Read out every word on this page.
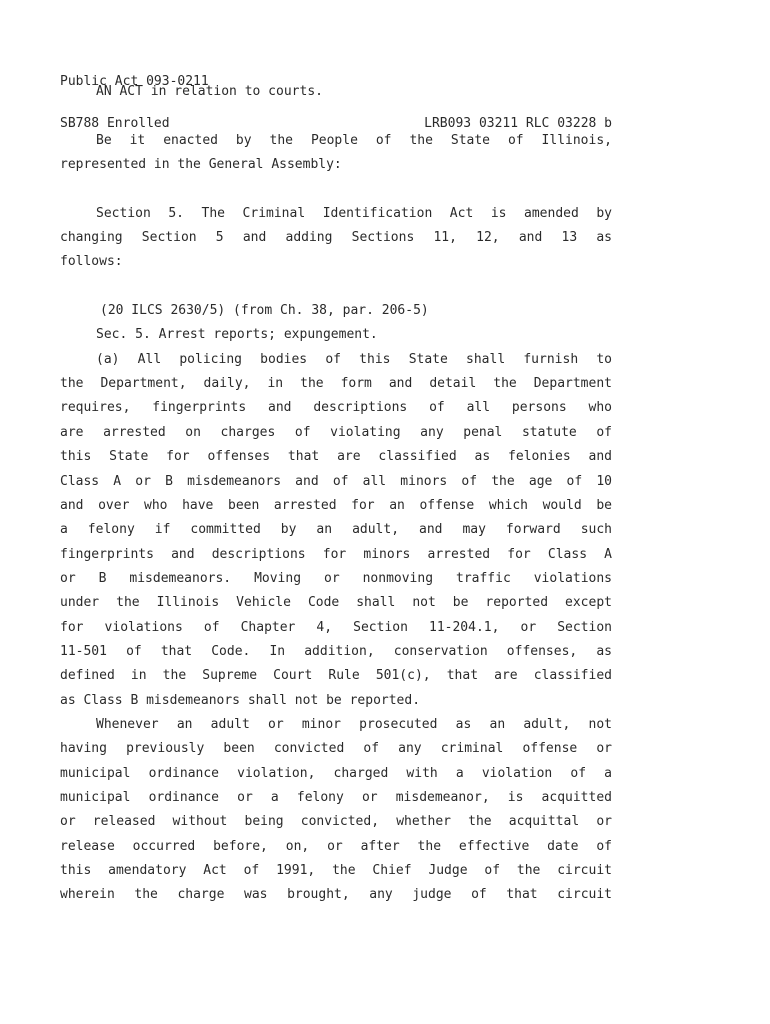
Public Act 093-0211

SB788 Enrolled	LRB093 03211 RLC 03228 b

AN ACT in relation to courts.
Be it enacted by the People of the State of Illinois,
represented in the General Assembly:
Section 5. The Criminal Identification Act is amended by
changing Section 5 and adding Sections 11, 12, and 13 as
follows:
(20 ILCS 2630/5) (from Ch. 38, par. 206-5)
Sec. 5. Arrest reports; expungement.
(a) All policing bodies of this State shall furnish to
the Department, daily, in the form and detail the Department
requires, fingerprints and descriptions of all persons who
are arrested on charges of violating any penal statute of
this State for offenses that are classified as felonies and
Class A or B misdemeanors and of all minors of the age of 10
and over who have been arrested for an offense which would be
a felony if committed by an adult, and may forward such
fingerprints and descriptions for minors arrested for Class A
or B misdemeanors. Moving or nonmoving traffic violations
under the Illinois Vehicle Code shall not be reported except
for violations of Chapter 4, Section 11-204.1, or Section
11-501 of that Code. In addition, conservation offenses, as
defined in the Supreme Court Rule 501(c), that are classified
as Class B misdemeanors shall not be reported.
Whenever an adult or minor prosecuted as an adult, not
having previously been convicted of any criminal offense or
municipal ordinance violation, charged with a violation of a
municipal ordinance or a felony or misdemeanor, is acquitted
or released without being convicted, whether the acquittal or
release occurred before, on, or after the effective date of
this amendatory Act of 1991, the Chief Judge of the circuit
wherein the charge was brought, any judge of that circuit
